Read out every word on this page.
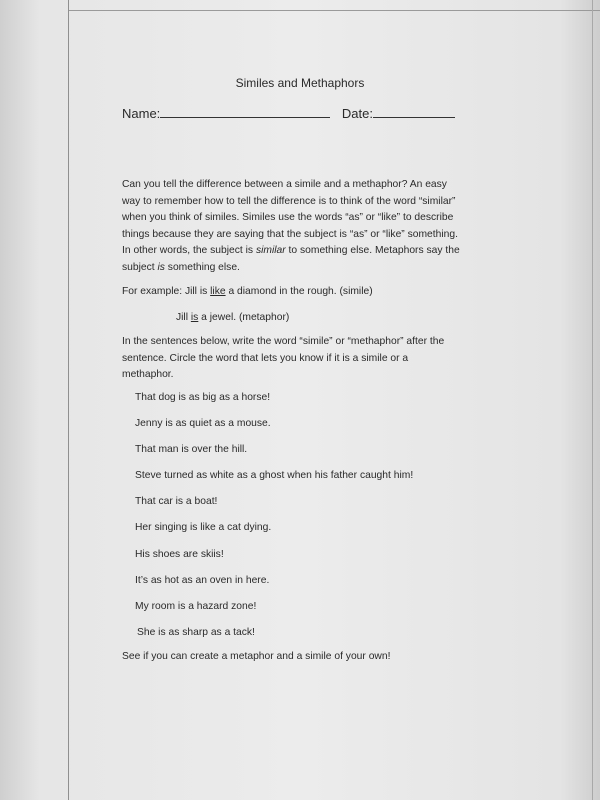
Similes and Methaphors
Name:	Date:

Can you tell the difference between a simile and a methaphor? An easy way to remember how to tell the difference is to think of the word “similar” when you think of similes. Similes use the words “as” or “like” to describe things because they are saying that the subject is “as” or “like” something. In other words, the subject is similar to something else. Metaphors say the subject is something else.

For example: Jill is like a diamond in the rough. (simile)

Jill is a jewel. (metaphor)

In the sentences below, write the word “simile” or “methaphor” after the sentence. Circle the word that lets you know if it is a simile or a methaphor.

That dog is as big as a horse!
Jenny is as quiet as a mouse.
That man is over the hill.
Steve turned as white as a ghost when his father caught him!
That car is a boat!
Her singing is like a cat dying.
His shoes are skiis!
It’s as hot as an oven in here.
My room is a hazard zone!
She is as sharp as a tack!

See if you can create a metaphor and a simile of your own!
